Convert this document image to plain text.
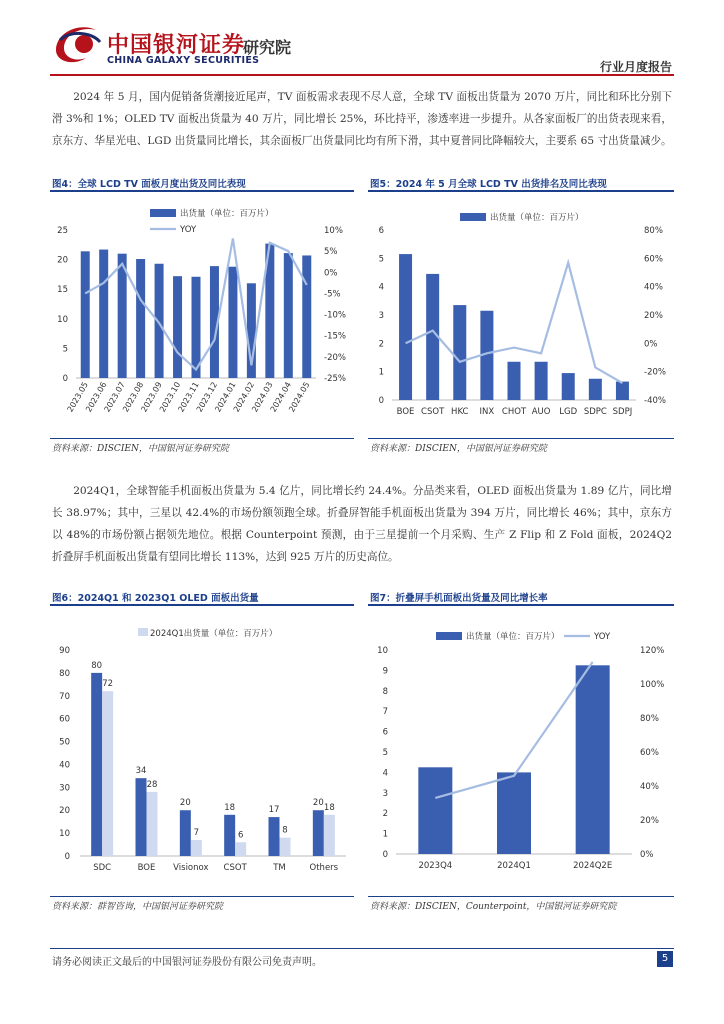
中国银河证券
CHINA GALAXY SECURITIES
研究院
行业月度报告
2024 年 5 月，国内促销备货潮接近尾声，TV 面板需求表现不尽人意，全球 TV 面板出货量为 2070 万片，同比和环比分别下滑 3%和 1%；OLED TV 面板出货量为 40 万片，同比增长 25%，环比持平，渗透率进一步提升。从各家面板厂的出货表现来看，京东方、华星光电、LGD 出货量同比增长，其余面板厂出货量同比均有所下滑，其中夏普同比降幅较大，主要系 65 寸出货量减少。
图4：全球 LCD TV 面板月度出货及同比表现	图5：2024 年 5 月全球 LCD TV 出货排名及同比表现
0
5
10
15
20
25
-25%
-20%
-15%
-10%
-5%
0%
5%
10%
2023.05
2023.06
2023.07
2023.08
2023.09
2023.10
2023.11
2023.12
2024.01
2024.02
2024.03
2024.04
2024.05
出货量（单位：百万片）
YOY
0
1
2
3
4
5
6
-40%
-20%
0%
20%
40%
60%
80%
BOE CSOT HKC INX CHOT AUO LGD SDPC SDPJ
出货量（单位：百万片）
资料来源：DISCIEN，中国银河证券研究院	资料来源：DISCIEN，中国银河证券研究院
2024Q1，全球智能手机面板出货量为 5.4 亿片，同比增长约 24.4%。分品类来看，OLED 面板出货量为 1.89 亿片，同比增长 38.97%；其中，三星以 42.4%的市场份额领跑全球。折叠屏智能手机面板出货量为 394 万片，同比增长 46%；其中，京东方以 48%的市场份额占据领先地位。根据 Counterpoint 预测，由于三星提前一个月采购、生产 Z Flip 和 Z Fold 面板，2024Q2 折叠屏手机面板出货量有望同比增长 113%，达到 925 万片的历史高位。
图6：2024Q1 和 2023Q1 OLED 面板出货量	图7：折叠屏手机面板出货量及同比增长率
0
10
20
30
40
50
60
70
80
90
80
72
SDC
34
28
BOE
20
7
Visionox
18
6
CSOT
17
8
TM
20 18
Others
2024Q1出货量（单位：百万片）
0
1
2
3
4
5
6
7
8
9
10
0%
20%
40%
60%
80%
100%
120%
2023Q4	2024Q1	2024Q2E
出货量（单位：百万片）	YOY
资料来源：群智咨询，中国银河证券研究院	资料来源：DISCIEN，Counterpoint，中国银河证券研究院
请务必阅读正文最后的中国银河证券股份有限公司免责声明。	5
